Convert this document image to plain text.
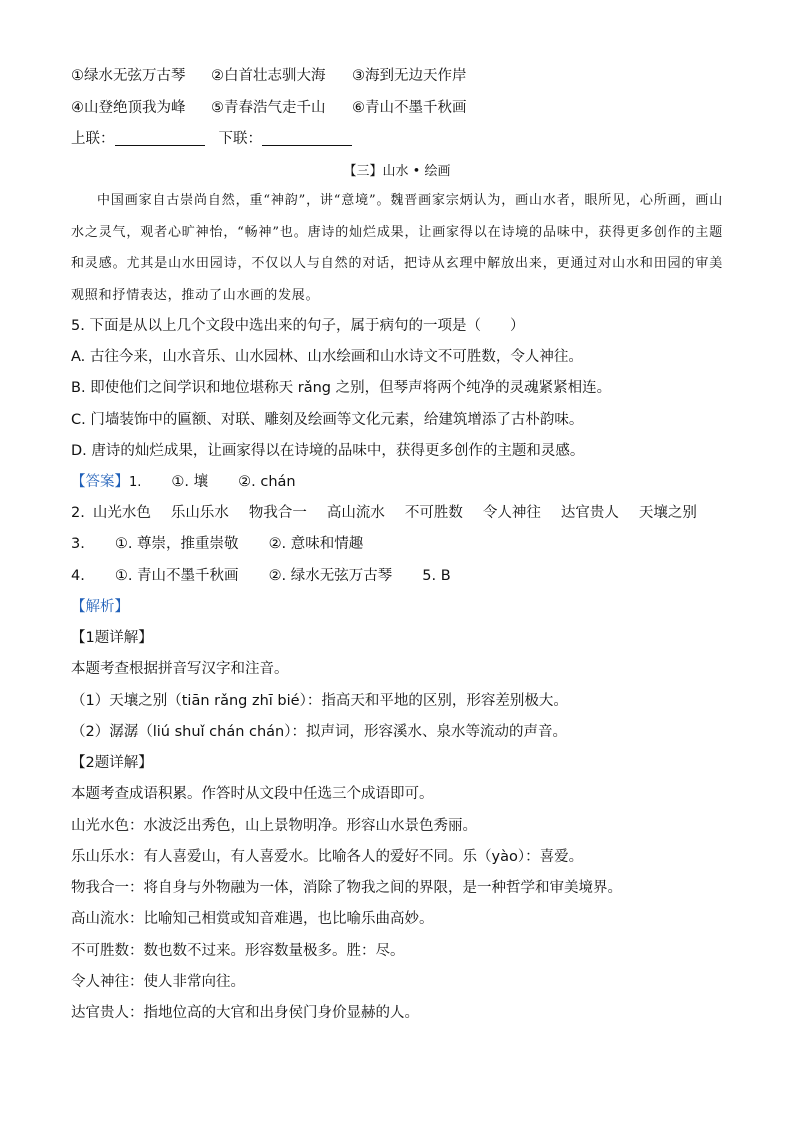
①绿水无弦万古琴	②白首壮志驯大海	③海到无边天作岸
④山登绝顶我为峰	⑤青春浩气走千山	⑥青山不墨千秋画
上联：	下联：
【三】山水 • 绘画
中国画家自古崇尚自然，重“神韵”，讲“意境”。魏晋画家宗炳认为，画山水者，眼所见，心所画，画山水之灵气，观者心旷神怡，“畅神”也。唐诗的灿烂成果，让画家得以在诗境的品味中，获得更多创作的主题和灵感。尤其是山水田园诗，不仅以人与自然的对话，把诗从玄理中解放出来，更通过对山水和田园的审美观照和抒情表达，推动了山水画的发展。
5. 下面是从以上几个文段中选出来的句子，属于病句的一项是（　　）
A. 古往今来，山水音乐、山水园林、山水绘画和山水诗文不可胜数，令人神往。
B. 即使他们之间学识和地位堪称天 rǎng 之别，但琴声将两个纯净的灵魂紧紧相连。
C. 门墙装饰中的匾额、对联、雕刻及绘画等文化元素，给建筑增添了古朴韵味。
D. 唐诗的灿烂成果，让画家得以在诗境的品味中，获得更多创作的主题和灵感。
【答案】1. ①. 壤 ②. chán
2. 山光水色 乐山乐水 物我合一 高山流水 不可胜数 令人神往 达官贵人 天壤之别
3. ①. 尊崇，推重崇敬 ②. 意味和情趣
4. ①. 青山不墨千秋画 ②. 绿水无弦万古琴 5. B
【解析】
【1题详解】
本题考查根据拼音写汉字和注音。
（1）天壤之别（tiān rǎng zhī bié）：指高天和平地的区别，形容差别极大。
（2）潺潺（liú shuǐ chán chán）：拟声词，形容溪水、泉水等流动的声音。
【2题详解】
本题考查成语积累。作答时从文段中任选三个成语即可。
山光水色：水波泛出秀色，山上景物明净。形容山水景色秀丽。
乐山乐水：有人喜爱山，有人喜爱水。比喻各人的爱好不同。乐（yào）：喜爱。
物我合一：将自身与外物融为一体，消除了物我之间的界限，是一种哲学和审美境界。
高山流水：比喻知己相赏或知音难遇，也比喻乐曲高妙。
不可胜数：数也数不过来。形容数量极多。胜：尽。
令人神往：使人非常向往。
达官贵人：指地位高的大官和出身侯门身价显赫的人。
